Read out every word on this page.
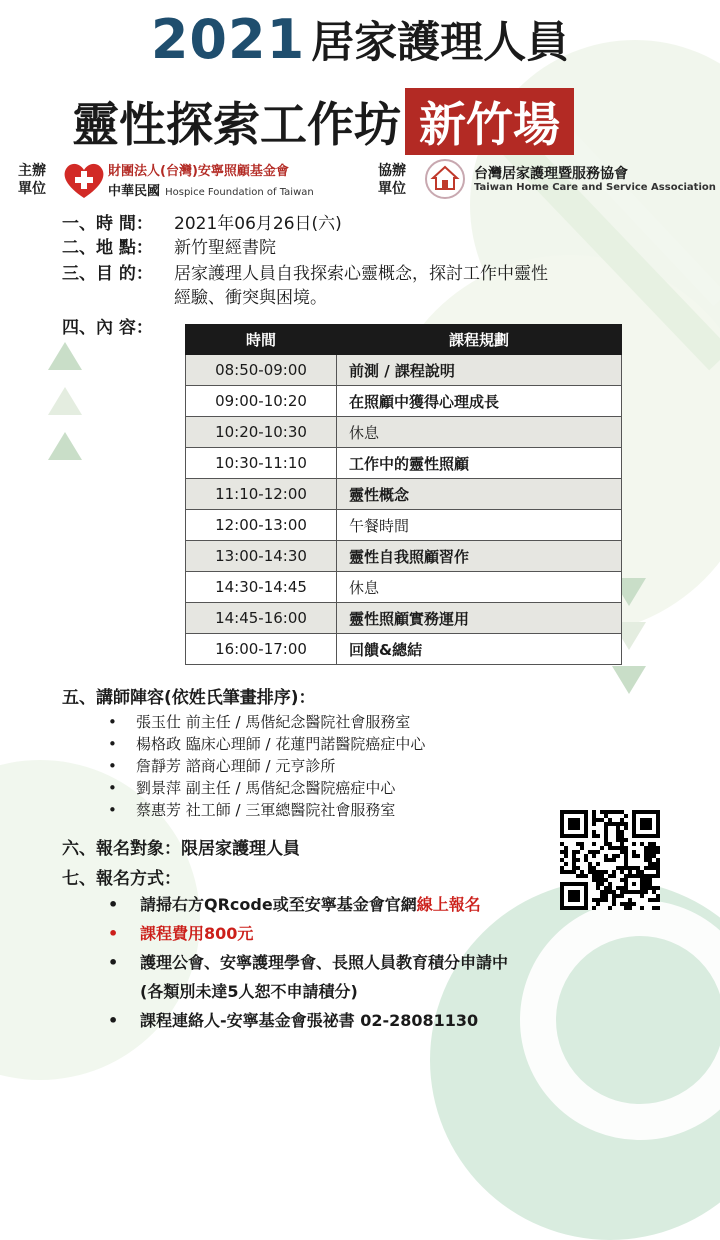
2021 居家護理人員
靈性探索工作坊 新竹場
主辦
單位
財團法人(台灣)安寧照顧基金會
中華民國 Hospice Foundation of Taiwan
協辦
單位
台灣居家護理暨服務協會
Taiwan Home Care and Service Association
一、時 間： 2021年06月26日(六)
二、地 點： 新竹聖經書院
三、目 的： 居家護理人員自我探索心靈概念，探討工作中靈性
經驗、衝突與困境。
四、內 容：
時間	課程規劃
08:50-09:00	前測 / 課程說明
09:00-10:20	在照顧中獲得心理成長
10:20-10:30	休息
10:30-11:10	工作中的靈性照顧
11:10-12:00	靈性概念
12:00-13:00	午餐時間
13:00-14:30	靈性自我照顧習作
14:30-14:45	休息
14:45-16:00	靈性照顧實務運用
16:00-17:00	回饋&總結
五、講師陣容(依姓氏筆畫排序)：
• 張玉仕 前主任 / 馬偕紀念醫院社會服務室
• 楊格政 臨床心理師 / 花蓮門諾醫院癌症中心
• 詹靜芳 諮商心理師 / 元亨診所
• 劉景萍 副主任 / 馬偕紀念醫院癌症中心
• 蔡惠芳 社工師 / 三軍總醫院社會服務室
六、報名對象：限居家護理人員
七、報名方式：
• 請掃右方QRcode或至安寧基金會官網線上報名
• 課程費用800元
• 護理公會、安寧護理學會、長照人員教育積分申請中
(各類別未達5人恕不申請積分)
• 課程連絡人-安寧基金會張祕書 02-28081130
